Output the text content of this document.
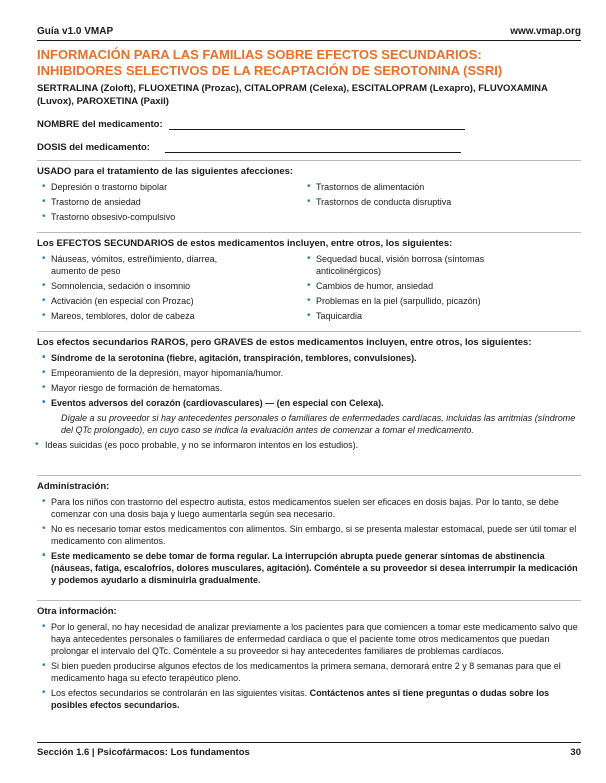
Guía v1.0 VMAP	www.vmap.org
INFORMACIÓN PARA LAS FAMILIAS SOBRE EFECTOS SECUNDARIOS:
INHIBIDORES SELECTIVOS DE LA RECAPTACIÓN DE SEROTONINA (SSRI)
SERTRALINA (Zoloft), FLUOXETINA (Prozac), CITALOPRAM (Celexa), ESCITALOPRAM (Lexapro), FLUVOXAMINA (Luvox), PAROXETINA (Paxil)
NOMBRE del medicamento:
DOSIS del medicamento:
USADO para el tratamiento de las siguientes afecciones:
• Depresión o trastorno bipolar
• Trastorno de ansiedad
• Trastorno obsesivo-compulsivo
• Trastornos de alimentación
• Trastornos de conducta disruptiva
Los EFECTOS SECUNDARIOS de estos medicamentos incluyen, entre otros, los siguientes:
• Náuseas, vómitos, estreñimiento, diarrea, aumento de peso
• Somnolencia, sedación o insomnio
• Activación (en especial con Prozac)
• Mareos, temblores, dolor de cabeza
• Sequedad bucal, visión borrosa (síntomas anticolinérgicos)
• Cambios de humor, ansiedad
• Problemas en la piel (sarpullido, picazón)
• Taquicardia
Los efectos secundarios RAROS, pero GRAVES de estos medicamentos incluyen, entre otros, los siguientes:
• Síndrome de la serotonina (fiebre, agitación, transpiración, temblores, convulsiones).
• Empeoramiento de la depresión, mayor hipomanía/humor.
• Mayor riesgo de formación de hematomas.
• Eventos adversos del corazón (cardiovasculares) — (en especial con Celexa).
Dígale a su proveedor si hay antecedentes personales o familiares de enfermedades cardíacas, incluidas las arritmias (síndrome del QTc prolongado), en cuyo caso se indica la evaluación antes de comenzar a tomar el medicamento.
• Ideas suicidas (es poco probable, y no se informaron intentos en los estudios).
Administración:
• Para los niños con trastorno del espectro autista, estos medicamentos suelen ser eficaces en dosis bajas. Por lo tanto, se debe comenzar con una dosis baja y luego aumentarla según sea necesario.
• No es necesario tomar estos medicamentos con alimentos. Sin embargo, si se presenta malestar estomacal, puede ser útil tomar el medicamento con alimentos.
• Este medicamento se debe tomar de forma regular. La interrupción abrupta puede generar síntomas de abstinencia (náuseas, fatiga, escalofríos, dolores musculares, agitación). Coméntele a su proveedor si desea interrumpir la medicación y podemos ayudarlo a disminuirla gradualmente.
Otra información:
• Por lo general, no hay necesidad de analizar previamente a los pacientes para que comiencen a tomar este medicamento salvo que haya antecedentes personales o familiares de enfermedad cardíaca o que el paciente tome otros medicamentos que puedan prolongar el intervalo del QTc. Coméntele a su proveedor si hay antecedentes familiares de problemas cardíacos.
• Si bien pueden producirse algunos efectos de los medicamentos la primera semana, demorará entre 2 y 8 semanas para que el medicamento haga su efecto terapéutico pleno.
• Los efectos secundarios se controlarán en las siguientes visitas. Contáctenos antes si tiene preguntas o dudas sobre los posibles efectos secundarios.
Sección 1.6 | Psicofármacos: Los fundamentos	30
